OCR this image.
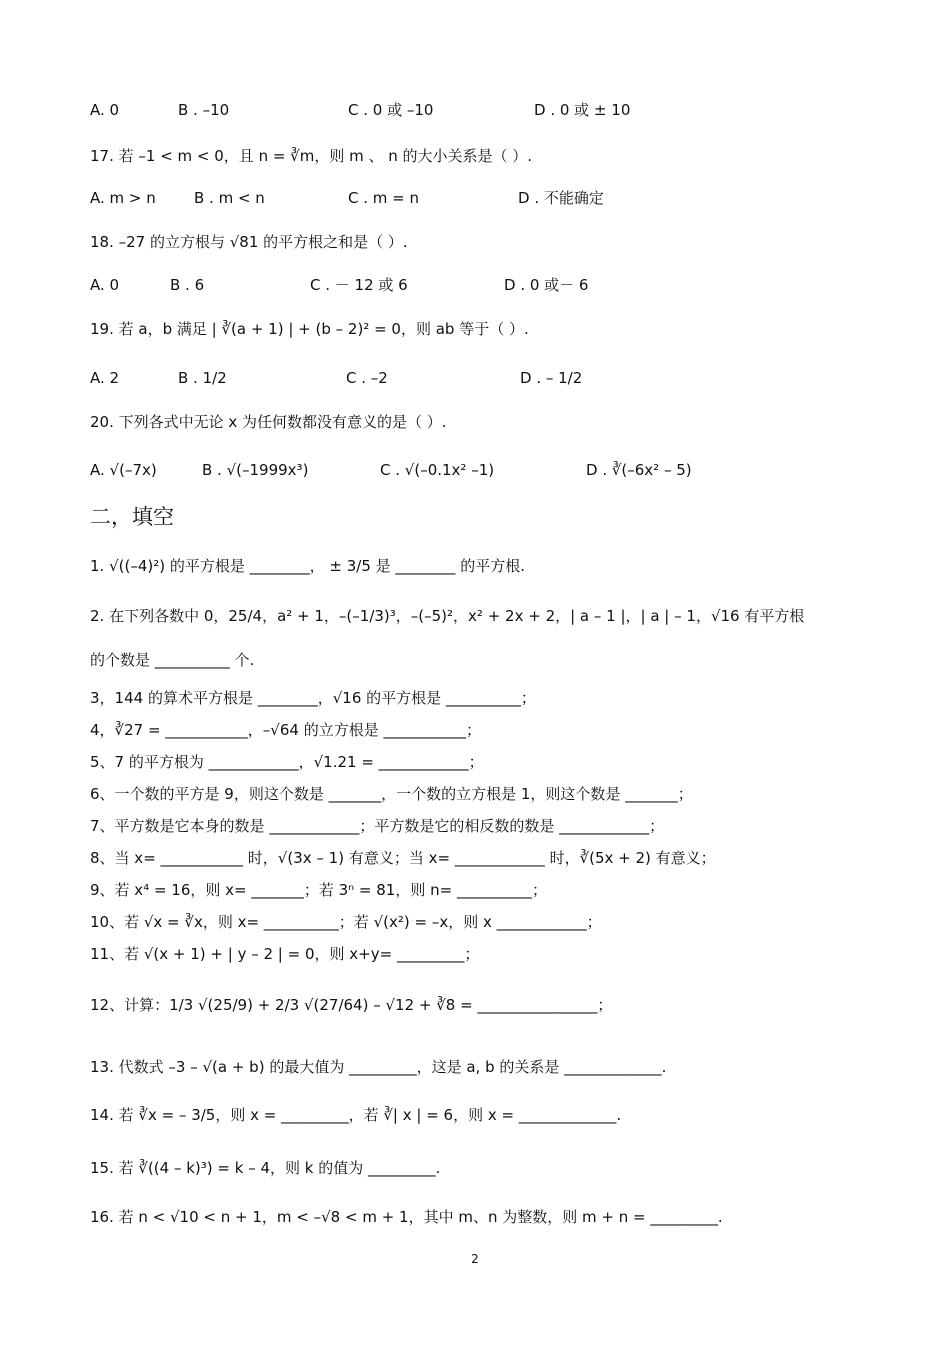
A. 0	B . –10	C . 0 或 –10	D . 0 或 ± 10
17. 若 –1 < m < 0，且 n = ∛m，则 m 、 n 的大小关系是（ ）.
A. m > n	B . m < n	C . m = n	D . 不能确定
18. –27 的立方根与 √81 的平方根之和是（ ）.
A. 0	B . 6	C . － 12 或 6	D . 0 或－ 6
19. 若 a，b 满足 | ∛(a + 1) | + (b – 2)² = 0，则 ab 等于（ ）.
A. 2	B . 1/2	C . –2	D . – 1/2
20. 下列各式中无论 x 为任何数都没有意义的是（ ）.
A. √(–7x)	B . √(–1999x³)	C . √(–0.1x² –1)	D . ∛(–6x² – 5)
二，填空
1. √((–4)²) 的平方根是 ________， ± 3/5 是 ________ 的平方根.
2. 在下列各数中 0，25/4，a² + 1，–(–1/3)³，–(–5)²，x² + 2x + 2，| a – 1 |，| a | – 1，√16 有平方根
的个数是 __________ 个.
3，144 的算术平方根是 ________，√16 的平方根是 __________；
4，∛27 = ___________，–√64 的立方根是 ___________；
5、7 的平方根为 ____________，√1.21 = ____________；
6、一个数的平方是 9，则这个数是 _______，一个数的立方根是 1，则这个数是 _______；
7、平方数是它本身的数是 ____________；平方数是它的相反数的数是 ____________；
8、当 x= ___________ 时，√(3x – 1) 有意义；当 x= ____________ 时，∛(5x + 2) 有意义；
9、若 x⁴ = 16，则 x= _______；若 3ⁿ = 81，则 n= __________；
10、若 √x = ∛x，则 x= __________；若 √(x²) = –x，则 x ____________；
11、若 √(x + 1) + | y – 2 | = 0，则 x+y= _________；
12、计算：1/3 √(25/9) + 2/3 √(27/64) – √12 + ∛8 = ________________；
13. 代数式 –3 – √(a + b) 的最大值为 _________，这是 a, b 的关系是 _____________.
14. 若 ∛x = – 3/5，则 x = _________，若 ∛| x | = 6，则 x = _____________.
15. 若 ∛((4 – k)³) = k – 4，则 k 的值为 _________.
16. 若 n < √10 < n + 1，m < –√8 < m + 1，其中 m、n 为整数，则 m + n = _________.
2
